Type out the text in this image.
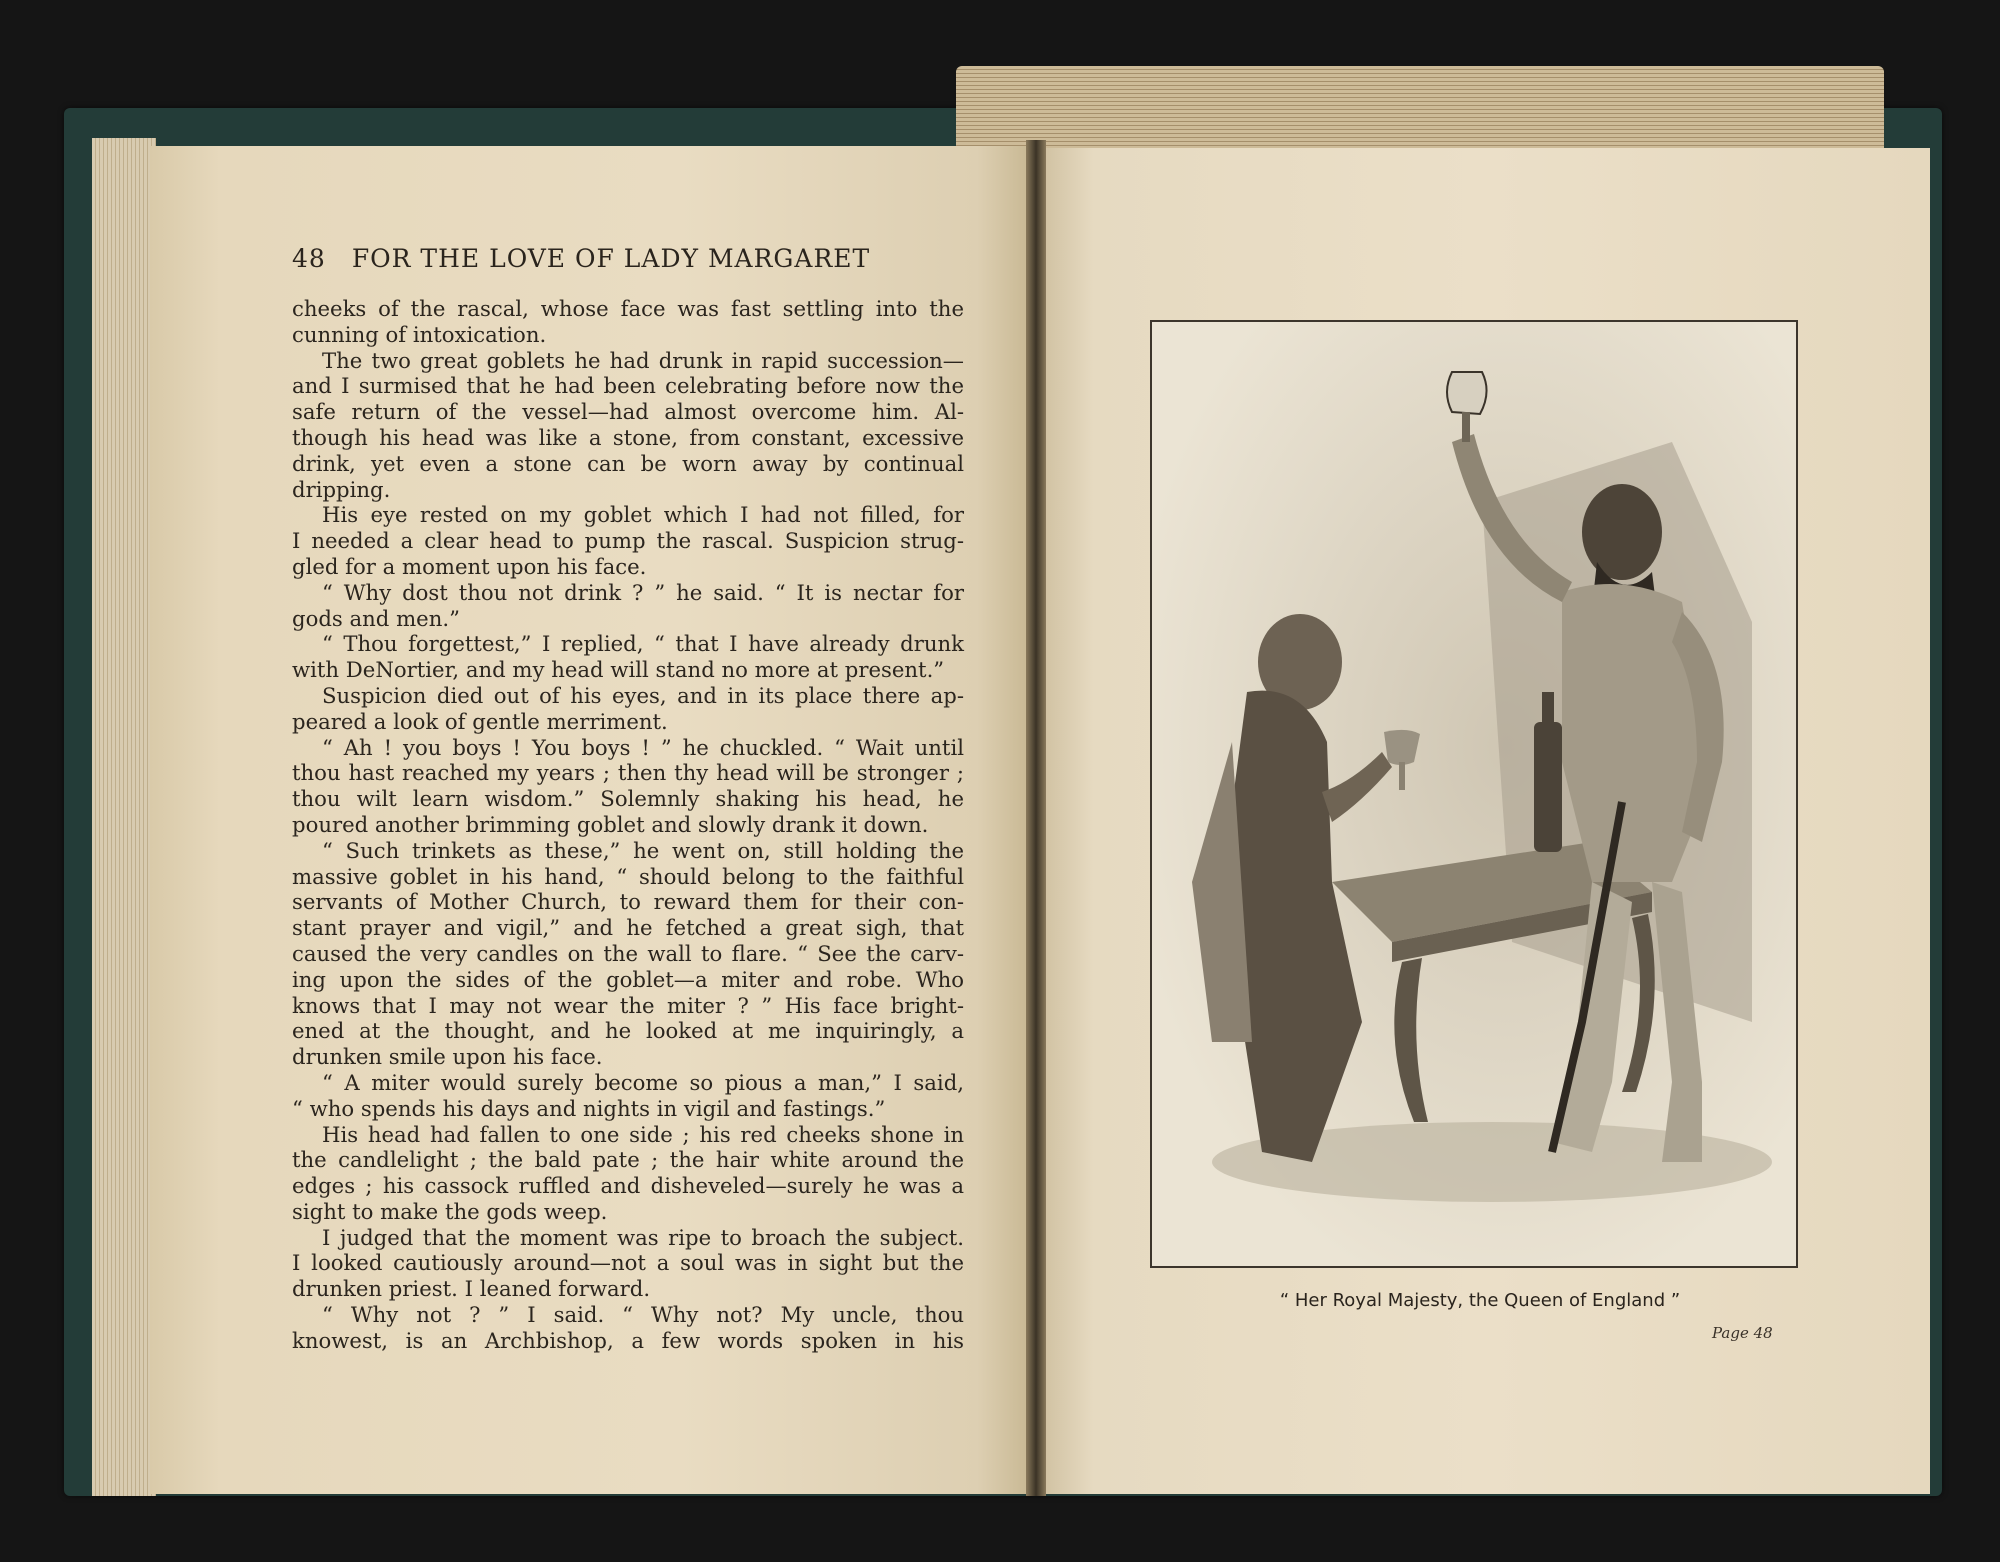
48 FOR THE LOVE OF LADY MARGARET
cheeks of the rascal, whose face was fast settling into the
cunning of intoxication.
The two great goblets he had drunk in rapid succession—
and I surmised that he had been celebrating before now the
safe return of the vessel—had almost overcome him. Al-
though his head was like a stone, from constant, excessive
drink, yet even a stone can be worn away by continual
dripping.
His eye rested on my goblet which I had not filled, for
I needed a clear head to pump the rascal. Suspicion strug-
gled for a moment upon his face.
“ Why dost thou not drink ? ” he said. “ It is nectar for
gods and men.”
“ Thou forgettest,” I replied, “ that I have already drunk
with DeNortier, and my head will stand no more at present.”
Suspicion died out of his eyes, and in its place there ap-
peared a look of gentle merriment.
“ Ah ! you boys ! You boys ! ” he chuckled. “ Wait until
thou hast reached my years ; then thy head will be stronger ;
thou wilt learn wisdom.” Solemnly shaking his head, he
poured another brimming goblet and slowly drank it down.
“ Such trinkets as these,” he went on, still holding the
massive goblet in his hand, “ should belong to the faithful
servants of Mother Church, to reward them for their con-
stant prayer and vigil,” and he fetched a great sigh, that
caused the very candles on the wall to flare. “ See the carv-
ing upon the sides of the goblet—a miter and robe. Who
knows that I may not wear the miter ? ” His face bright-
ened at the thought, and he looked at me inquiringly, a
drunken smile upon his face.
“ A miter would surely become so pious a man,” I said,
“ who spends his days and nights in vigil and fastings.”
His head had fallen to one side ; his red cheeks shone in
the candlelight ; the bald pate ; the hair white around the
edges ; his cassock ruffled and disheveled—surely he was a
sight to make the gods weep.
I judged that the moment was ripe to broach the subject.
I looked cautiously around—not a soul was in sight but the
drunken priest. I leaned forward.
“ Why not ? ” I said. “ Why not? My uncle, thou
knowest, is an Archbishop, a few words spoken in his
“ Her Royal Majesty, the Queen of England ”
Page 48
